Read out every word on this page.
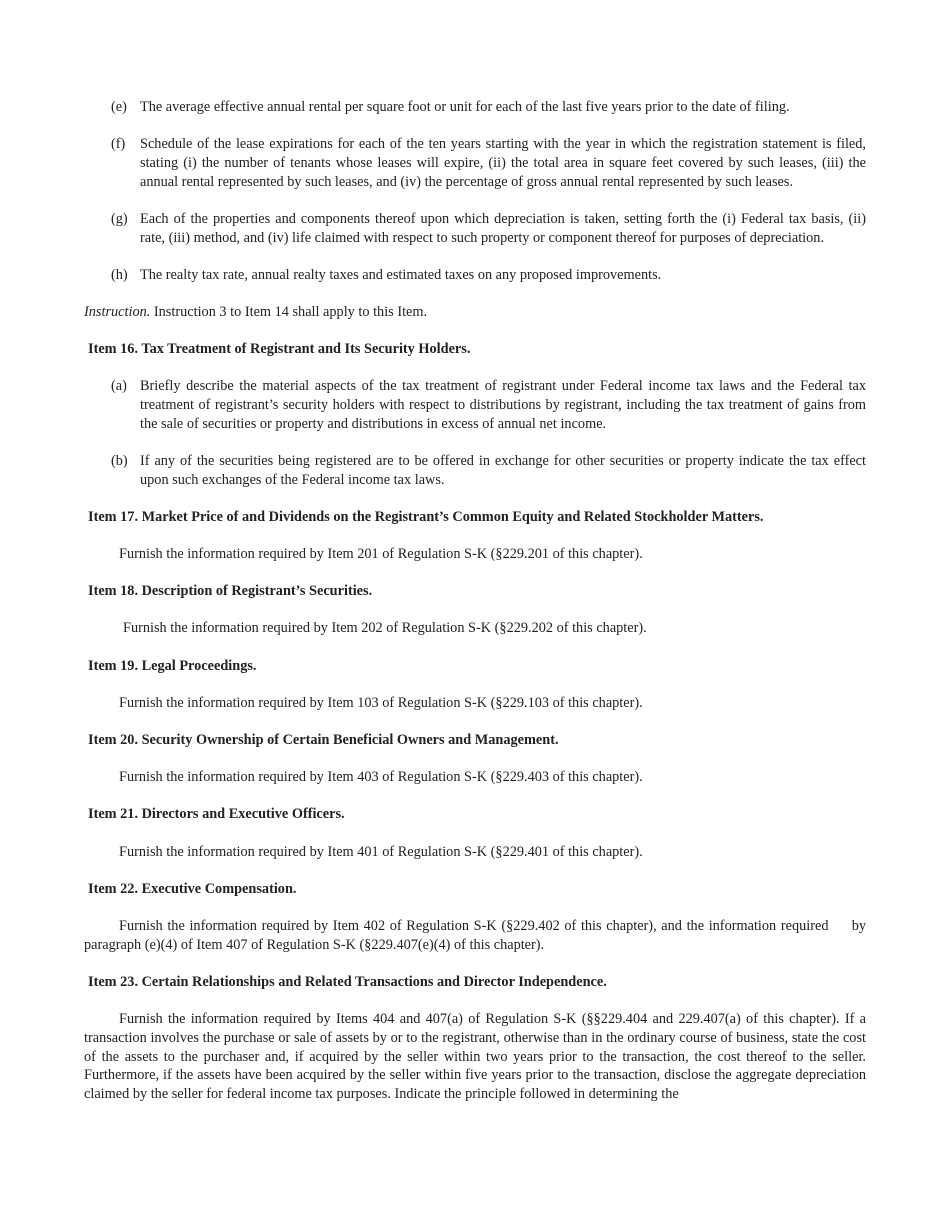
(e) The average effective annual rental per square foot or unit for each of the last five years prior to the date of filing.
(f)	Schedule of the lease expirations for each of the ten years starting with the year in which the registration statement is filed, stating (i) the number of tenants whose leases will expire, (ii) the total area in square feet covered by such leases, (iii) the annual rental represented by such leases, and (iv) the percentage of gross annual rental represented by such leases.
(g) Each of the properties and components thereof upon which depreciation is taken, setting forth the (i) Federal tax basis, (ii) rate, (iii) method, and (iv) life claimed with respect to such property or component thereof for purposes of depreciation.
(h) The realty tax rate, annual realty taxes and estimated taxes on any proposed improvements.
Instruction. Instruction 3 to Item 14 shall apply to this Item.
Item 16. Tax Treatment of Registrant and Its Security Holders.
(a) Briefly describe the material aspects of the tax treatment of registrant under Federal income tax laws and the Federal tax treatment of registrant’s security holders with respect to distributions by registrant, including the tax treatment of gains from the sale of securities or property and distributions in excess of annual net income.
(b) If any of the securities being registered are to be offered in exchange for other securities or property indicate the tax effect upon such exchanges of the Federal income tax laws.
Item 17. Market Price of and Dividends on the Registrant’s Common Equity and Related Stockholder Matters.
Furnish the information required by Item 201 of Regulation S-K (§229.201 of this chapter).
Item 18. Description of Registrant’s Securities.
Furnish the information required by Item 202 of Regulation S-K (§229.202 of this chapter).
Item 19. Legal Proceedings.
Furnish the information required by Item 103 of Regulation S-K (§229.103 of this chapter).
Item 20. Security Ownership of Certain Beneficial Owners and Management.
Furnish the information required by Item 403 of Regulation S-K (§229.403 of this chapter).
Item 21. Directors and Executive Officers.
Furnish the information required by Item 401 of Regulation S-K (§229.401 of this chapter).
Item 22. Executive Compensation.
Furnish the information required by Item 402 of Regulation S-K (§229.402 of this chapter), and the information required     by paragraph (e)(4) of Item 407 of Regulation S-K (§229.407(e)(4) of this chapter).
Item 23. Certain Relationships and Related Transactions and Director Independence.
Furnish the information required by Items 404 and 407(a) of Regulation S-K (§§229.404 and 229.407(a) of this chapter). If a transaction involves the purchase or sale of assets by or to the registrant, otherwise than in the ordinary course of business, state the cost of the assets to the purchaser and, if acquired by the seller within two years prior to the transaction, the cost thereof to the seller. Furthermore, if the assets have been acquired by the seller within five years prior to the transaction, disclose the aggregate depreciation claimed by the seller for federal income tax purposes. Indicate the principle followed in determining the
